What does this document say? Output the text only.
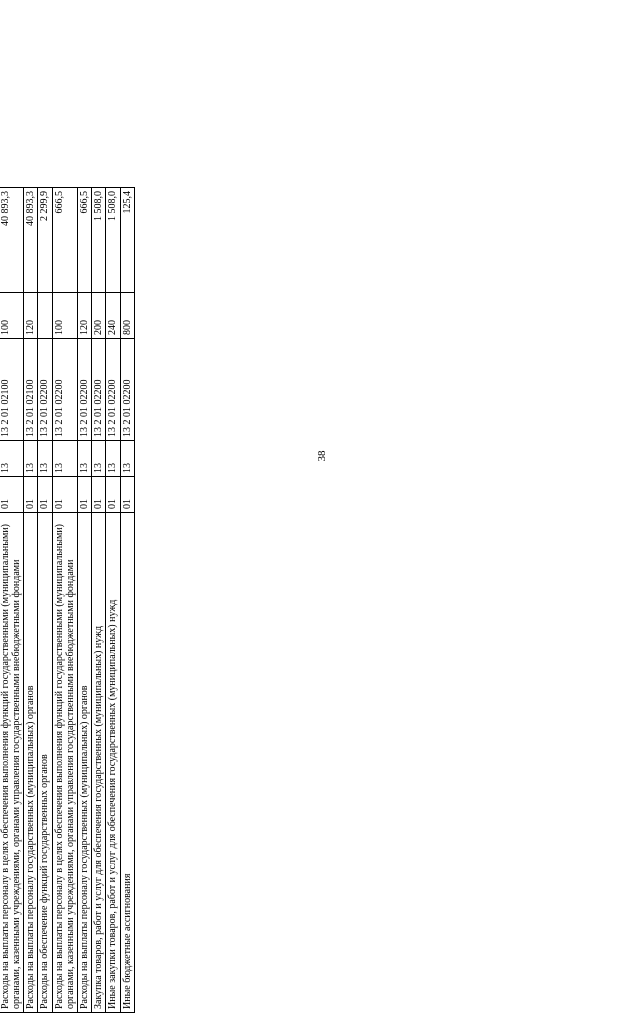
38

Расходы на выплаты персоналу в целях обеспечения выполнения функций государственными (муниципальными) органами, казенными учреждениями, органами управления государственными внебюджетными фондами	01	13	13 2 01 02100	100	40 893,3
Расходы на выплаты персоналу государственных (муниципальных) органов	01	13	13 2 01 02100	120	40 893,3
Расходы на обеспечение функций государственных органов	01	13	13 2 01 02200		2 299,9
Расходы на выплаты персоналу в целях обеспечения выполнения функций государственными (муниципальными) органами, казенными учреждениями, органами управления государственными внебюджетными фондами	01	13	13 2 01 02200	100	666,5
Расходы на выплаты персоналу государственных (муниципальных) органов	01	13	13 2 01 02200	120	666,5
Закупка товаров, работ и услуг для обеспечения государственных (муниципальных) нужд	01	13	13 2 01 02200	200	1 508,0
Иные закупки товаров, работ и услуг для обеспечения государственных (муниципальных) нужд	01	13	13 2 01 02200	240	1 508,0
Иные бюджетные ассигнования	01	13	13 2 01 02200	800	125,4
